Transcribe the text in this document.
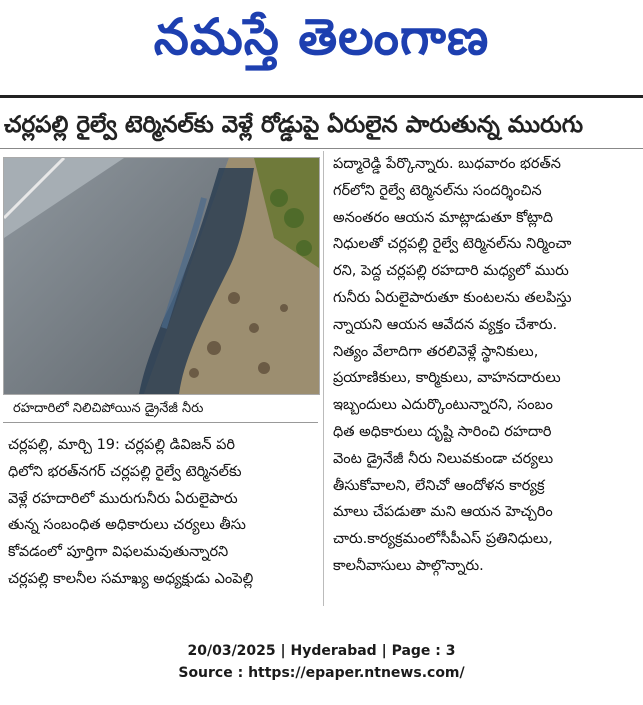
నమస్తే తెలంగాణ
చర్లపల్లి రైల్వే టెర్మినల్‌కు వెళ్లే రోడ్డుపై ఏరులైన పారుతున్న మురుగు
రహదారిలో నిలిచిపోయిన డ్రైనేజీ నీరు
పద్మారెడ్డి పేర్కొన్నారు. బుధవారం భరత్‌న
గర్‌లోని రైల్వే టెర్మినల్‌ను సందర్శించిన
అనంతరం ఆయన మాట్లాడుతూ కోట్లాది
నిధులతో చర్లపల్లి రైల్వే టెర్మినల్‌ను నిర్మించా
రని, పెద్ద చర్లపల్లి రహదారి మధ్యలో మురు
గునీరు ఏరులైపారుతూ కుంటలను తలపిస్తు
న్నాయని ఆయన ఆవేదన వ్యక్తం చేశారు.
నిత్యం వేలాదిగా తరలివెళ్లే స్థానికులు,
ప్రయాణికులు, కార్మికులు, వాహనదారులు
ఇబ్బందులు ఎదుర్కొంటున్నారని, సంబం
ధిత అధికారులు దృష్టి సారించి రహదారి
వెంట డ్రైనేజీ నీరు నిలువకుండా చర్యలు
తీసుకోవాలని, లేనిచో ఆందోళన కార్యక్ర
మాలు చేపడుతా మని ఆయన హెచ్చరిం
చారు.కార్యక్రమంలోసీపీఎస్ ప్రతినిధులు,
కాలనీవాసులు పాల్గొన్నారు.
చర్లపల్లి, మార్చి 19: చర్లపల్లి డివిజన్ పరి
ధిలోని భరత్‌నగర్ చర్లపల్లి రైల్వే టెర్మినల్‌కు
వెళ్లే రహదారిలో మురుగునీరు ఏరులైపారు
తున్న సంబంధిత అధికారులు చర్యలు తీసు
కోవడంలో పూర్తిగా విఫలమవుతున్నారని
చర్లపల్లి కాలనీల సమాఖ్య అధ్యక్షుడు ఎంపెల్లి
20/03/2025 | Hyderabad | Page : 3
Source : https://epaper.ntnews.com/
